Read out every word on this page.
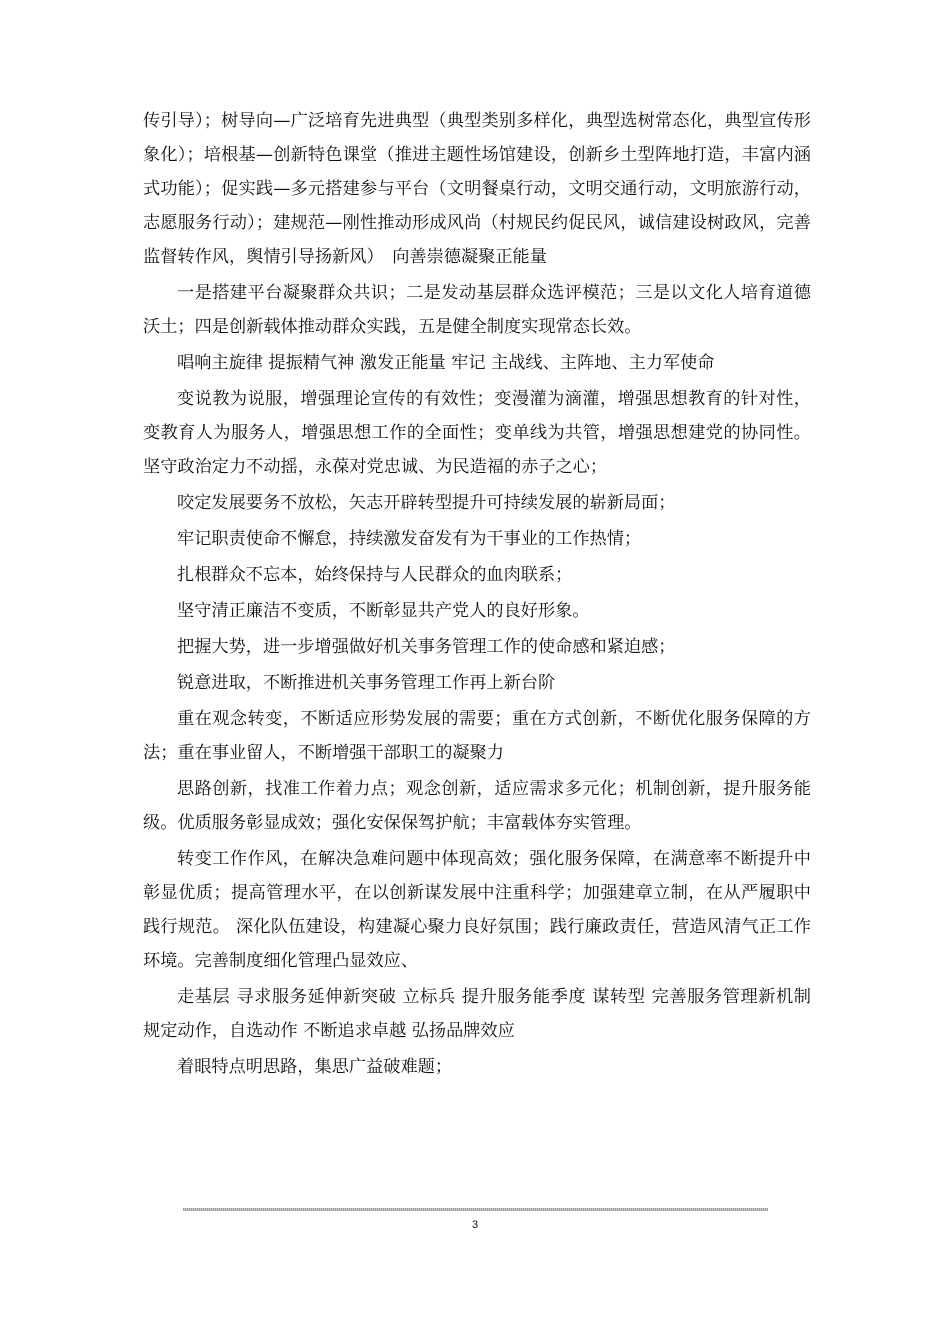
传引导）；树导向—广泛培育先进典型（典型类别多样化，典型选树常态化，典型宣传形象化）；培根基—创新特色课堂（推进主题性场馆建设，创新乡土型阵地打造，丰富内涵式功能）；促实践—多元搭建参与平台（文明餐桌行动，文明交通行动，文明旅游行动，志愿服务行动）；建规范—刚性推动形成风尚（村规民约促民风，诚信建设树政风，完善监督转作风，舆情引导扬新风）　向善崇德凝聚正能量

一是搭建平台凝聚群众共识；二是发动基层群众选评模范；三是以文化人培育道德沃土；四是创新载体推动群众实践，五是健全制度实现常态长效。

唱响主旋律 提振精气神 激发正能量 牢记 主战线、主阵地、主力军使命

变说教为说服，增强理论宣传的有效性；变漫灌为滴灌，增强思想教育的针对性，变教育人为服务人，增强思想工作的全面性；变单线为共管，增强思想建党的协同性。坚守政治定力不动摇，永葆对党忠诚、为民造福的赤子之心；

咬定发展要务不放松，矢志开辟转型提升可持续发展的崭新局面；

牢记职责使命不懈怠，持续激发奋发有为干事业的工作热情；

扎根群众不忘本，始终保持与人民群众的血肉联系；

坚守清正廉洁不变质，不断彰显共产党人的良好形象。

把握大势，进一步增强做好机关事务管理工作的使命感和紧迫感；

锐意进取，不断推进机关事务管理工作再上新台阶

重在观念转变，不断适应形势发展的需要；重在方式创新，不断优化服务保障的方法；重在事业留人，不断增强干部职工的凝聚力

思路创新，找准工作着力点；观念创新，适应需求多元化；机制创新，提升服务能级。优质服务彰显成效；强化安保保驾护航；丰富载体夯实管理。

转变工作作风，在解决急难问题中体现高效；强化服务保障，在满意率不断提升中彰显优质；提高管理水平，在以创新谋发展中注重科学；加强建章立制，在从严履职中践行规范。 深化队伍建设，构建凝心聚力良好氛围；践行廉政责任，营造风清气正工作环境。完善制度细化管理凸显效应、

走基层 寻求服务延伸新突破 立标兵 提升服务能季度 谋转型 完善服务管理新机制 规定动作，自选动作 不断追求卓越 弘扬品牌效应

着眼特点明思路，集思广益破难题；

3
